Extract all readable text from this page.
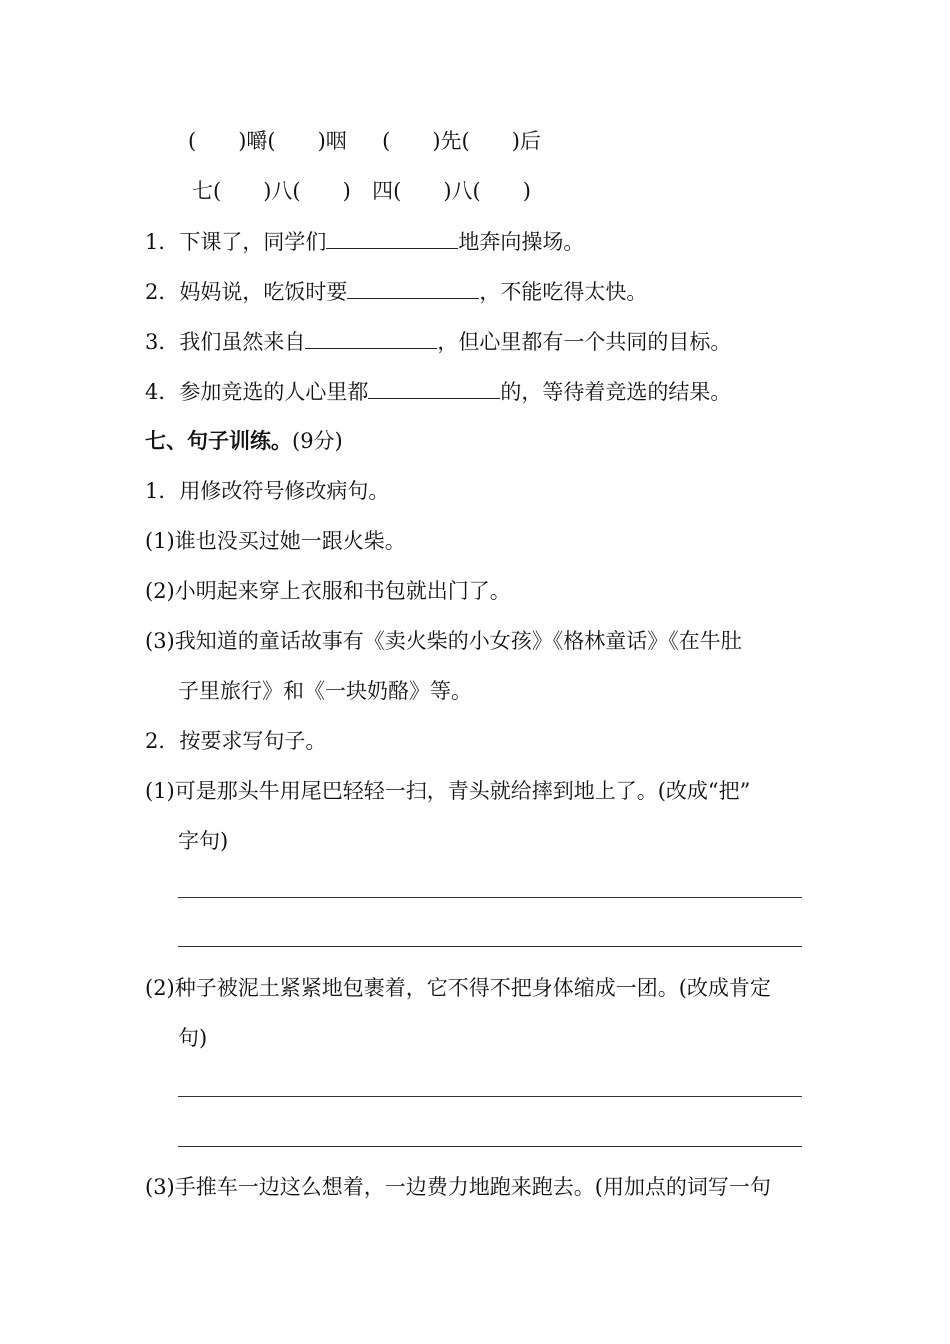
(　　)嚼(　　)咽 (　　)先(　　)后
七(　　)八(　　) 四(　　)八(　　)
1．下课了，同学们	地奔向操场。
2．妈妈说，吃饭时要	，不能吃得太快。
3．我们虽然来自	，但心里都有一个共同的目标。
4．参加竞选的人心里都	的，等待着竞选的结果。
七、句子训练。(9分)
1．用修改符号修改病句。
(1)谁也没买过她一跟火柴。
(2)小明起来穿上衣服和书包就出门了。
(3)我知道的童话故事有《卖火柴的小女孩》《格林童话》《在牛肚
子里旅行》和《一块奶酪》等。
2．按要求写句子。
(1)可是那头牛用尾巴轻轻一扫，青头就给摔到地上了。(改成“把”
字句)
(2)种子被泥土紧紧地包裹着，它不得不把身体缩成一团。(改成肯定
句)
(3)手推车一边这么想着，一边费力地跑来跑去。(用加点的词写一句
